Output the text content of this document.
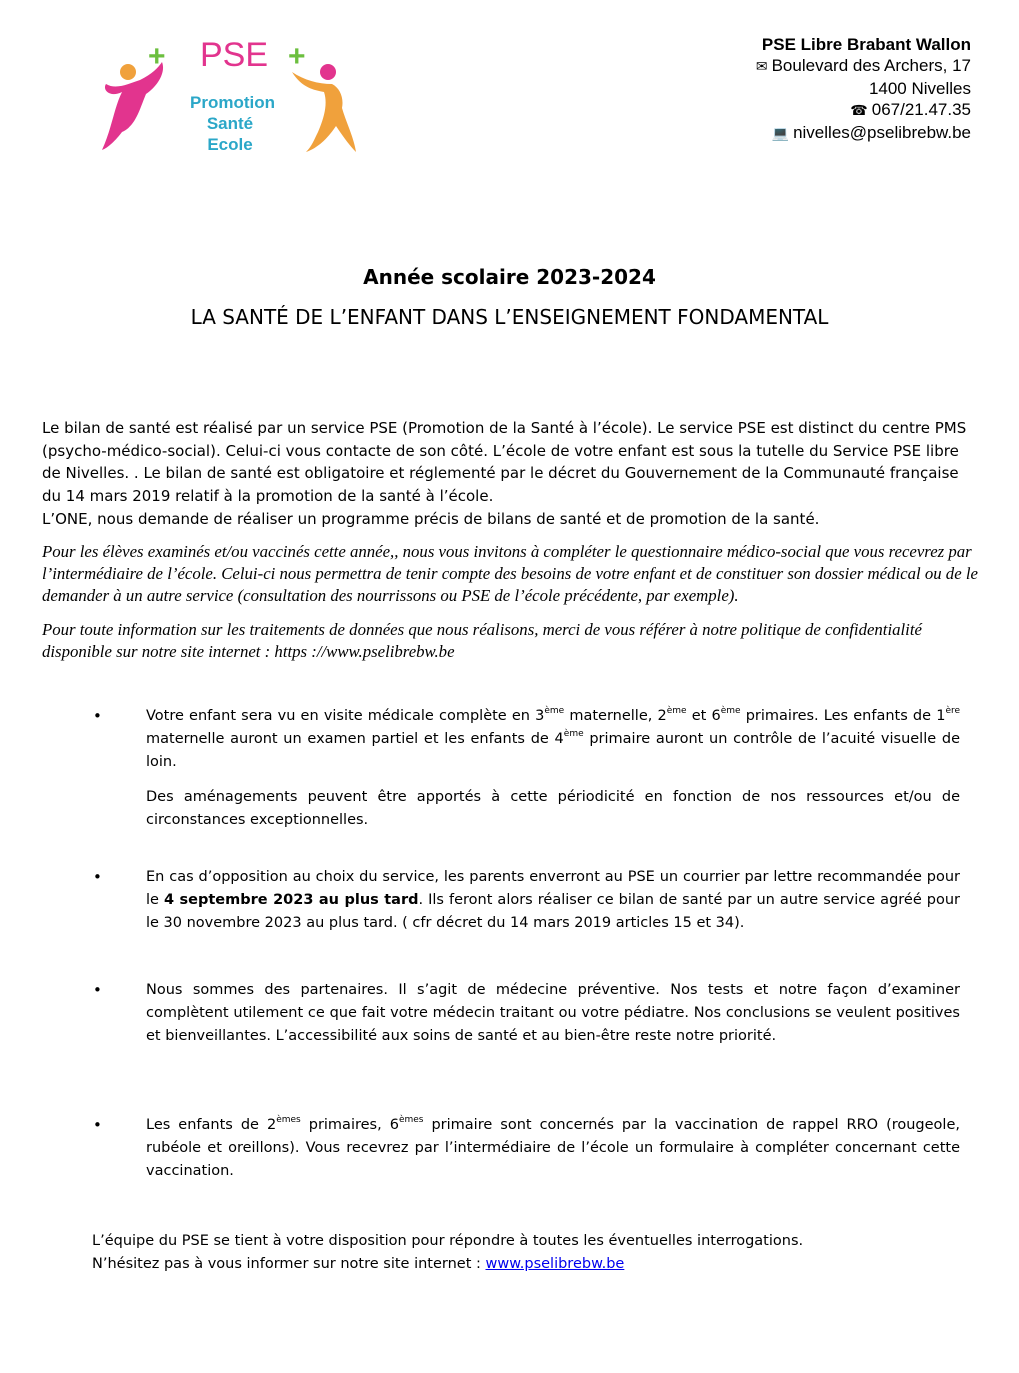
+ PSE +
Promotion
Santé
Ecole
PSE Libre Brabant Wallon
✉ Boulevard des Archers, 17
1400 Nivelles
☎ 067/21.47.35
💻 nivelles@pselibrebw.be
Année scolaire 2023-2024
LA SANTÉ DE L’ENFANT DANS L’ENSEIGNEMENT FONDAMENTAL

Le bilan de santé est réalisé par un service PSE (Promotion de la Santé à l’école). Le service PSE est distinct du centre PMS (psycho-médico-social). Celui-ci vous contacte de son côté. L’école de votre enfant est sous la tutelle du Service PSE libre de Nivelles. . Le bilan de santé est obligatoire et réglementé par le décret du Gouvernement de la Communauté française du 14 mars 2019 relatif à la promotion de la santé à l’école.

L’ONE, nous demande de réaliser un programme précis de bilans de santé et de promotion de la santé.

Pour les élèves examinés et/ou vaccinés cette année,, nous vous invitons à compléter le questionnaire médico-social que vous recevrez par l’intermédiaire de l’école. Celui-ci nous permettra de tenir compte des besoins de votre enfant et de constituer son dossier médical ou de le demander à un autre service (consultation des nourrissons ou PSE de l’école précédente, par exemple).

Pour toute information sur les traitements de données que nous réalisons, merci de vous référer à notre politique de confidentialité disponible sur notre site internet : https ://www.pselibrebw.be

•	Votre enfant sera vu en visite médicale complète en 3ème maternelle, 2ème et 6ème primaires. Les enfants de 1ère maternelle auront un examen partiel et les enfants de 4ème primaire auront un contrôle de l’acuité visuelle de loin.

Des aménagements peuvent être apportés à cette périodicité en fonction de nos ressources et/ou de circonstances exceptionnelles.

•	En cas d’opposition au choix du service, les parents enverront au PSE un courrier par lettre recommandée pour le 4 septembre 2023 au plus tard. Ils feront alors réaliser ce bilan de santé par un autre service agréé pour le 30 novembre 2023 au plus tard. ( cfr décret du 14 mars 2019 articles 15 et 34).

•	Nous sommes des partenaires. Il s’agit de médecine préventive. Nos tests et notre façon d’examiner complètent utilement ce que fait votre médecin traitant ou votre pédiatre. Nos conclusions se veulent positives et bienveillantes. L’accessibilité aux soins de santé et au bien-être reste notre priorité.

•	Les enfants de 2èmes primaires, 6èmes primaire sont concernés par la vaccination de rappel RRO (rougeole, rubéole et oreillons). Vous recevrez par l’intermédiaire de l’école un formulaire à compléter concernant cette vaccination.

L’équipe du PSE se tient à votre disposition pour répondre à toutes les éventuelles interrogations.

N’hésitez pas à vous informer sur notre site internet : www.pselibrebw.be
